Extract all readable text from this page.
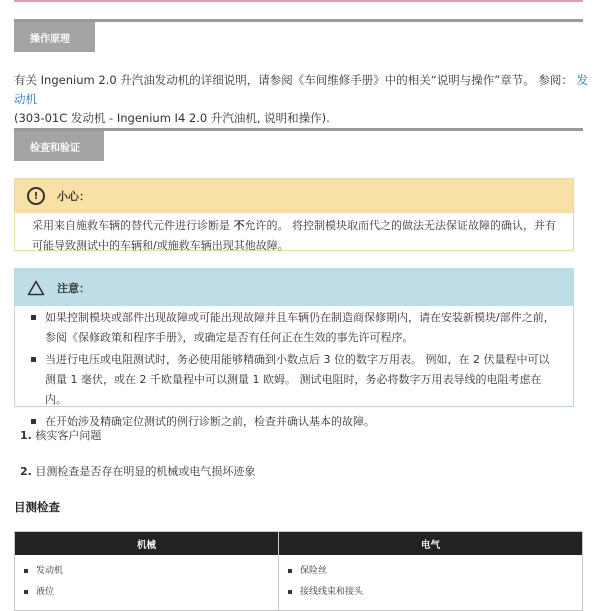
操作原理
有关 Ingenium 2.0 升汽油发动机的详细说明，请参阅《车间维修手册》中的相关“说明与操作”章节。 参阅： 发动机
(303-01C 发动机 - Ingenium I4 2.0 升汽油机, 说明和操作).
检查和验证
!	小心：
采用来自施救车辆的替代元件进行诊断是 不允许的。 将控制模块取而代之的做法无法保证故障的确认，并有可能导致测试中的车辆和/或施救车辆出现其他故障。
注意：
如果控制模块或部件出现故障或可能出现故障并且车辆仍在制造商保修期内，请在安装新模块/部件之前，参阅《保修政策和程序手册》，或确定是否有任何正在生效的事先许可程序。
当进行电压或电阻测试时，务必使用能够精确到小数点后 3 位的数字万用表。 例如，在 2 伏量程中可以测量 1 毫伏，或在 2 千欧量程中可以测量 1 欧姆。 测试电阻时，务必将数字万用表导线的电阻考虑在内。
在开始涉及精确定位测试的例行诊断之前，检查并确认基本的故障。
1. 核实客户问题
2. 目测检查是否存在明显的机械或电气损坏迹象
目测检查
机械
发动机
液位
电气
保险丝
接线线束和接头
